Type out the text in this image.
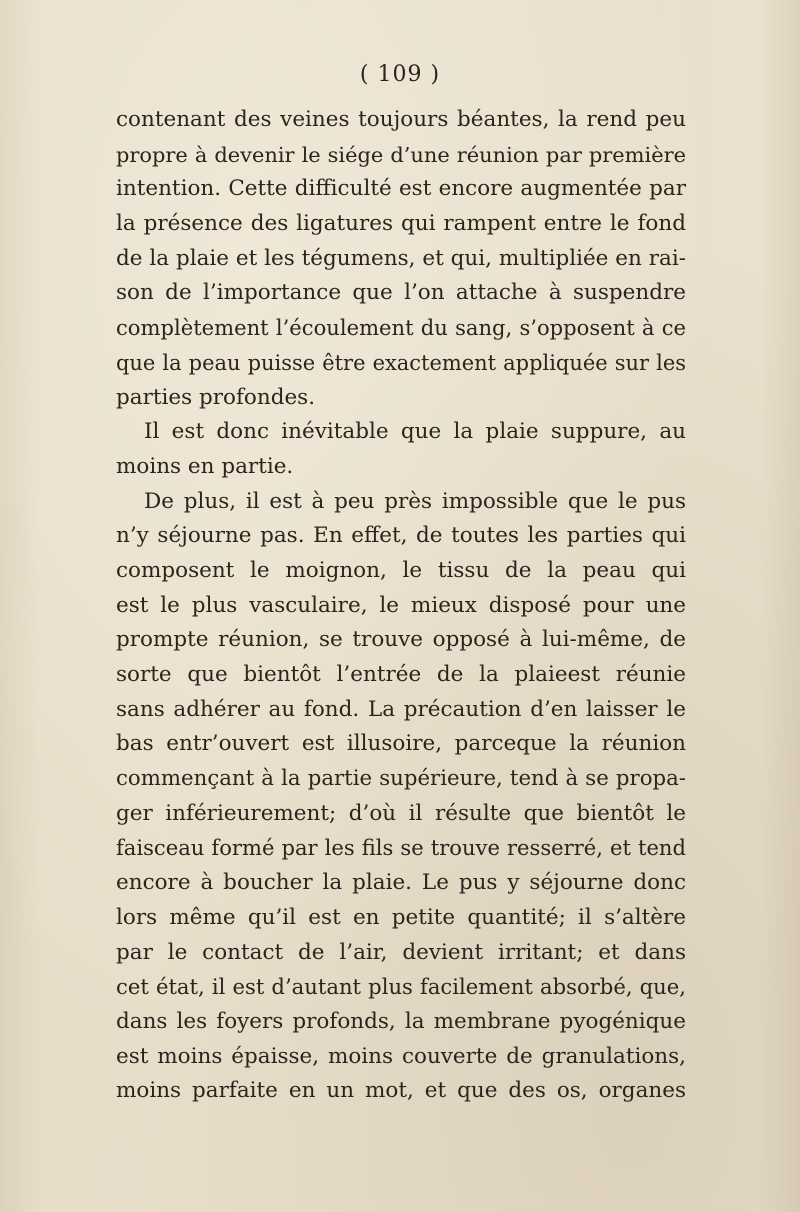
( 109 )
contenant des veines toujours béantes, la rend peu
propre à devenir le siége d’une réunion par première
intention. Cette difficulté est encore augmentée par
la présence des ligatures qui rampent entre le fond
de la plaie et les tégumens, et qui, multipliée en rai-
son de l’importance que l’on attache à suspendre
complètement l’écoulement du sang, s’opposent à ce
que la peau puisse être exactement appliquée sur les
parties profondes.
Il est donc inévitable que la plaie suppure, au
moins en partie.
De plus, il est à peu près impossible que le pus
n’y séjourne pas. En effet, de toutes les parties qui
composent le moignon, le tissu de la peau qui
est le plus vasculaire, le mieux disposé pour une
prompte réunion, se trouve opposé à lui-même, de
sorte que bientôt l’entrée de la plaieest réunie
sans adhérer au fond. La précaution d’en laisser le
bas entr’ouvert est illusoire, parceque la réunion
commençant à la partie supérieure, tend à se propa-
ger inférieurement; d’où il résulte que bientôt le
faisceau formé par les fils se trouve resserré, et tend
encore à boucher la plaie. Le pus y séjourne donc
lors même qu’il est en petite quantité; il s’altère
par le contact de l’air, devient irritant; et dans
cet état, il est d’autant plus facilement absorbé, que,
dans les foyers profonds, la membrane pyogénique
est moins épaisse, moins couverte de granulations,
moins parfaite en un mot, et que des os, organes
